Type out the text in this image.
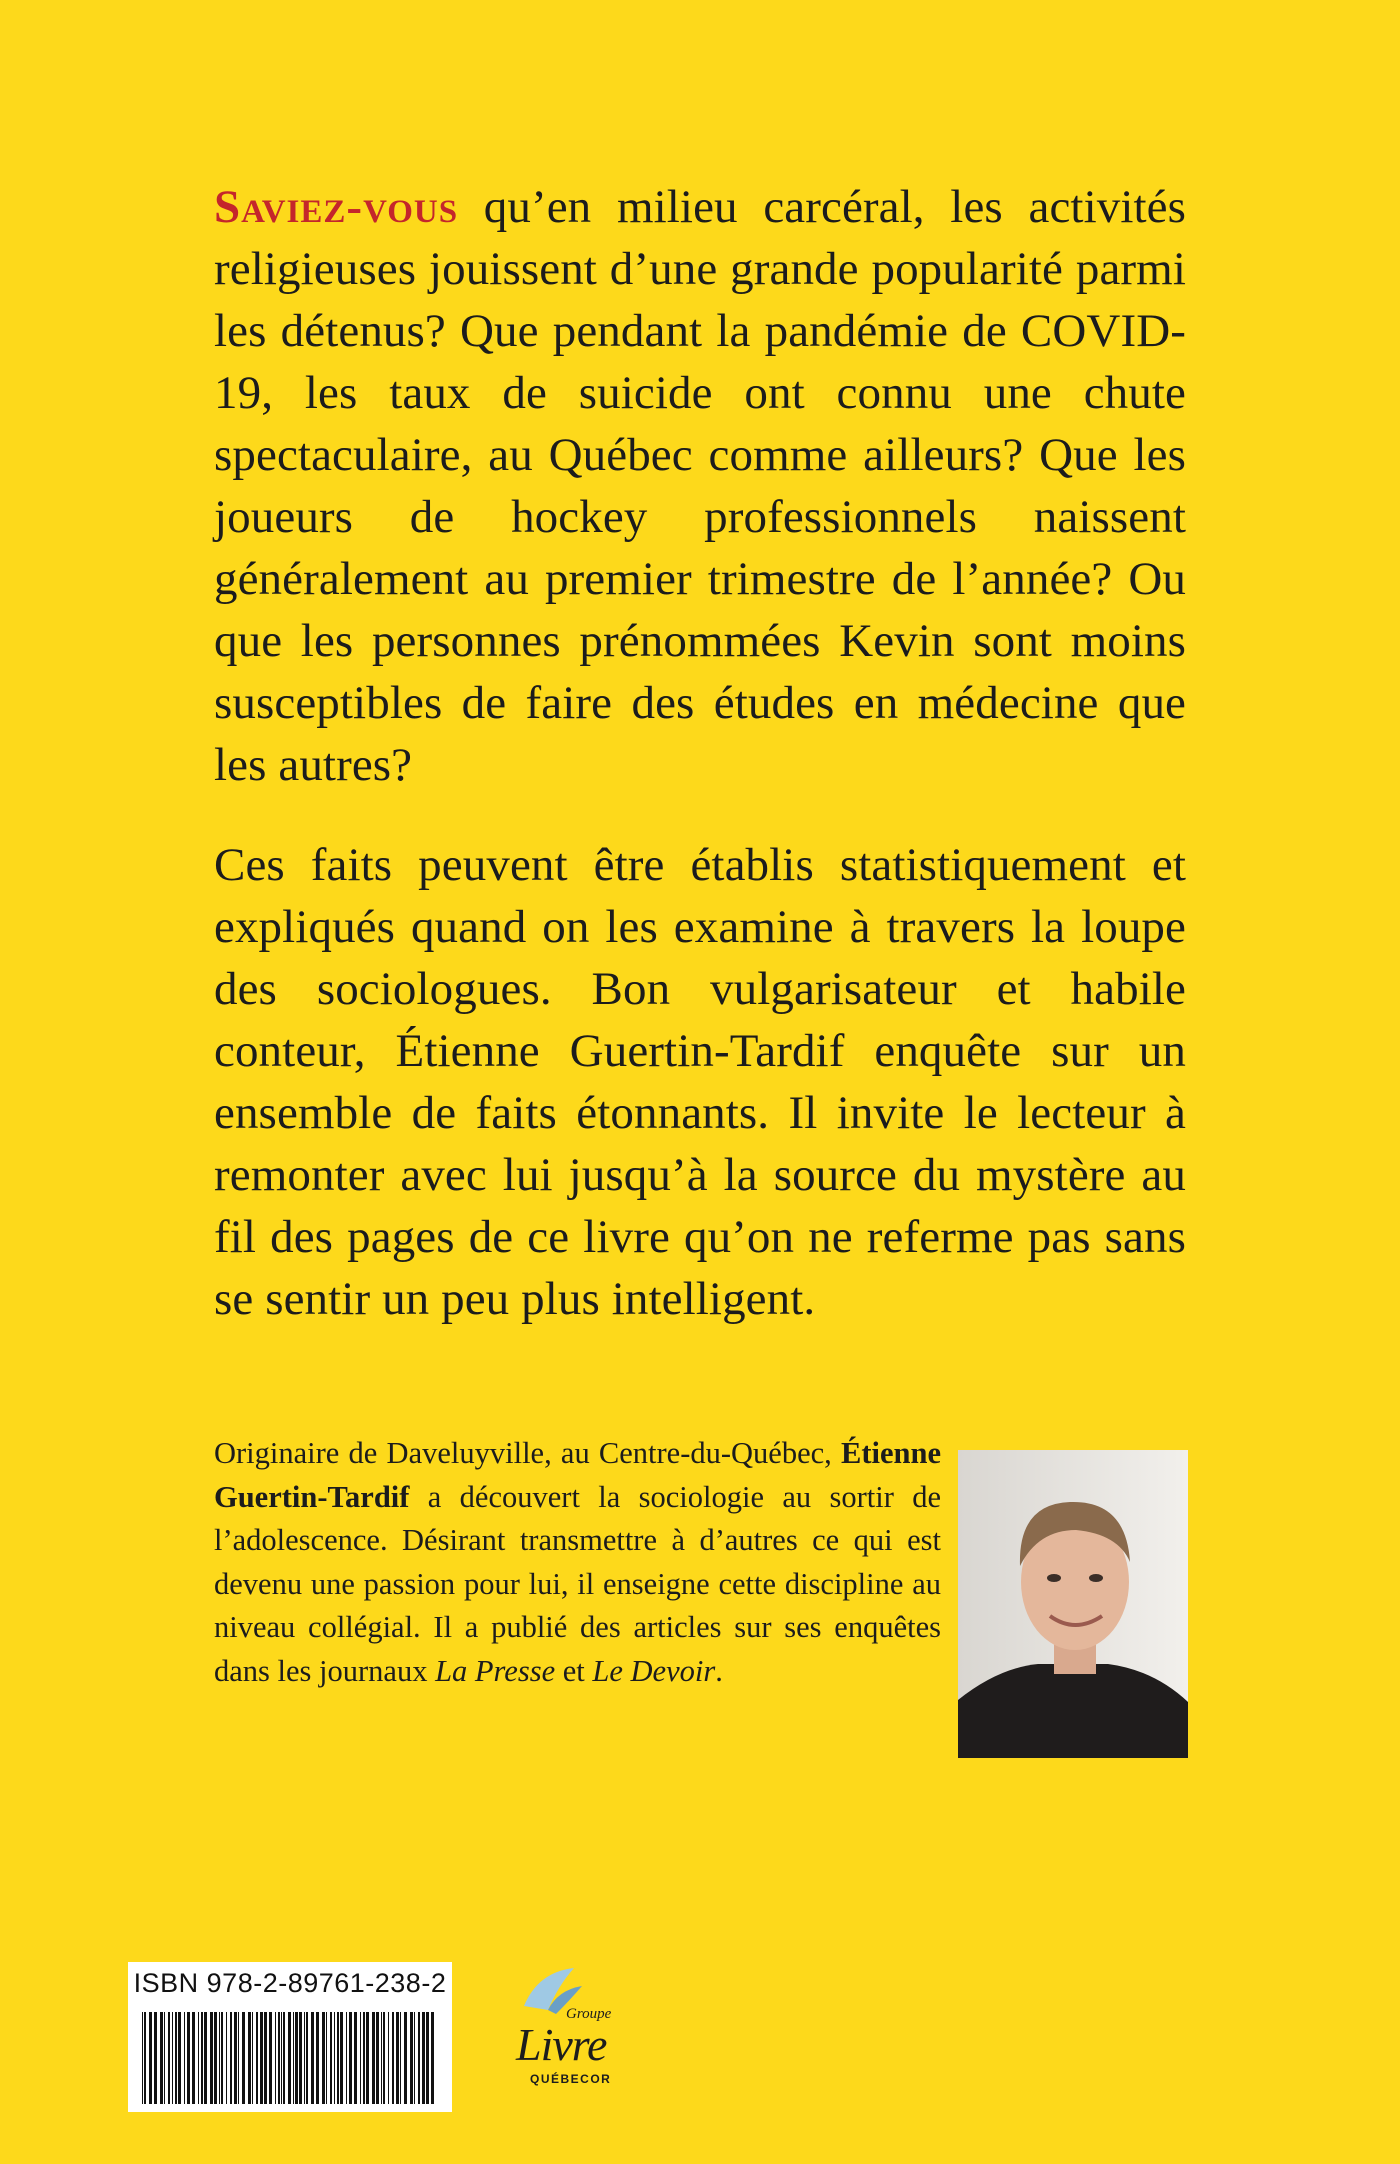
Saviez-vous qu’en milieu carcéral, les activités religieuses jouissent d’une grande popularité parmi les détenus? Que pendant la pandémie de COVID-19, les taux de suicide ont connu une chute spectaculaire, au Québec comme ailleurs? Que les joueurs de hockey professionnels naissent généralement au premier trimestre de l’année? Ou que les personnes prénommées Kevin sont moins susceptibles de faire des études en médecine que les autres?

Ces faits peuvent être établis statistiquement et expliqués quand on les examine à travers la loupe des sociologues. Bon vulgarisateur et habile conteur, Étienne Guertin-Tardif enquête sur un ensemble de faits étonnants. Il invite le lecteur à remonter avec lui jusqu’à la source du mystère au fil des pages de ce livre qu’on ne referme pas sans se sentir un peu plus intelligent.

Originaire de Daveluyville, au Centre-du-Québec, Étienne Guertin-Tardif a découvert la sociologie au sortir de l’adolescence. Désirant transmettre à d’autres ce qui est devenu une passion pour lui, il enseigne cette discipline au niveau collégial. Il a publié des articles sur ses enquêtes dans les journaux La Presse et Le Devoir.

ISBN 978-2-89761-238-2
Groupe
Livre
QUÉBECOR
